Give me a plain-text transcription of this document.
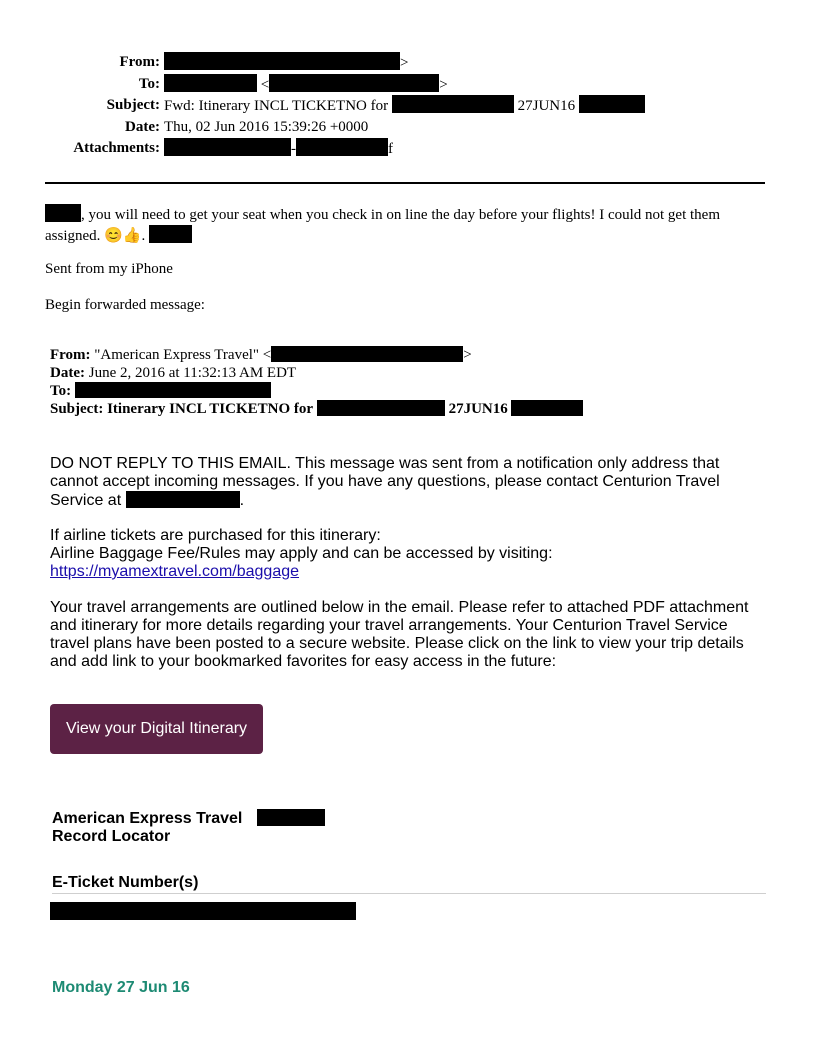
From:	>
To:	<	>
Subject: Fwd: Itinerary INCL TICKETNO for	27JUN16
Date: Thu, 02 Jun 2016 15:39:26 +0000
Attachments:	-	f
, you will need to get your seat when you check in on line the day before your flights! I could not get them assigned. 😊👍.
Sent from my iPhone
Begin forwarded message:
From: "American Express Travel" <	>
Date: June 2, 2016 at 11:32:13 AM EDT
To:
Subject: Itinerary INCL TICKETNO for	27JUN16
DO NOT REPLY TO THIS EMAIL. This message was sent from a notification only address that cannot accept incoming messages. If you have any questions, please contact Centurion Travel Service at	.
If airline tickets are purchased for this itinerary:
Airline Baggage Fee/Rules may apply and can be accessed by visiting:
https://myamextravel.com/baggage
Your travel arrangements are outlined below in the email. Please refer to attached PDF attachment and itinerary for more details regarding your travel arrangements. Your Centurion Travel Service travel plans have been posted to a secure website. Please click on the link to view your trip details and add link to your bookmarked favorites for easy access in the future:
View your Digital Itinerary
American Express Travel
Record Locator
E-Ticket Number(s)
Monday 27 Jun 16
